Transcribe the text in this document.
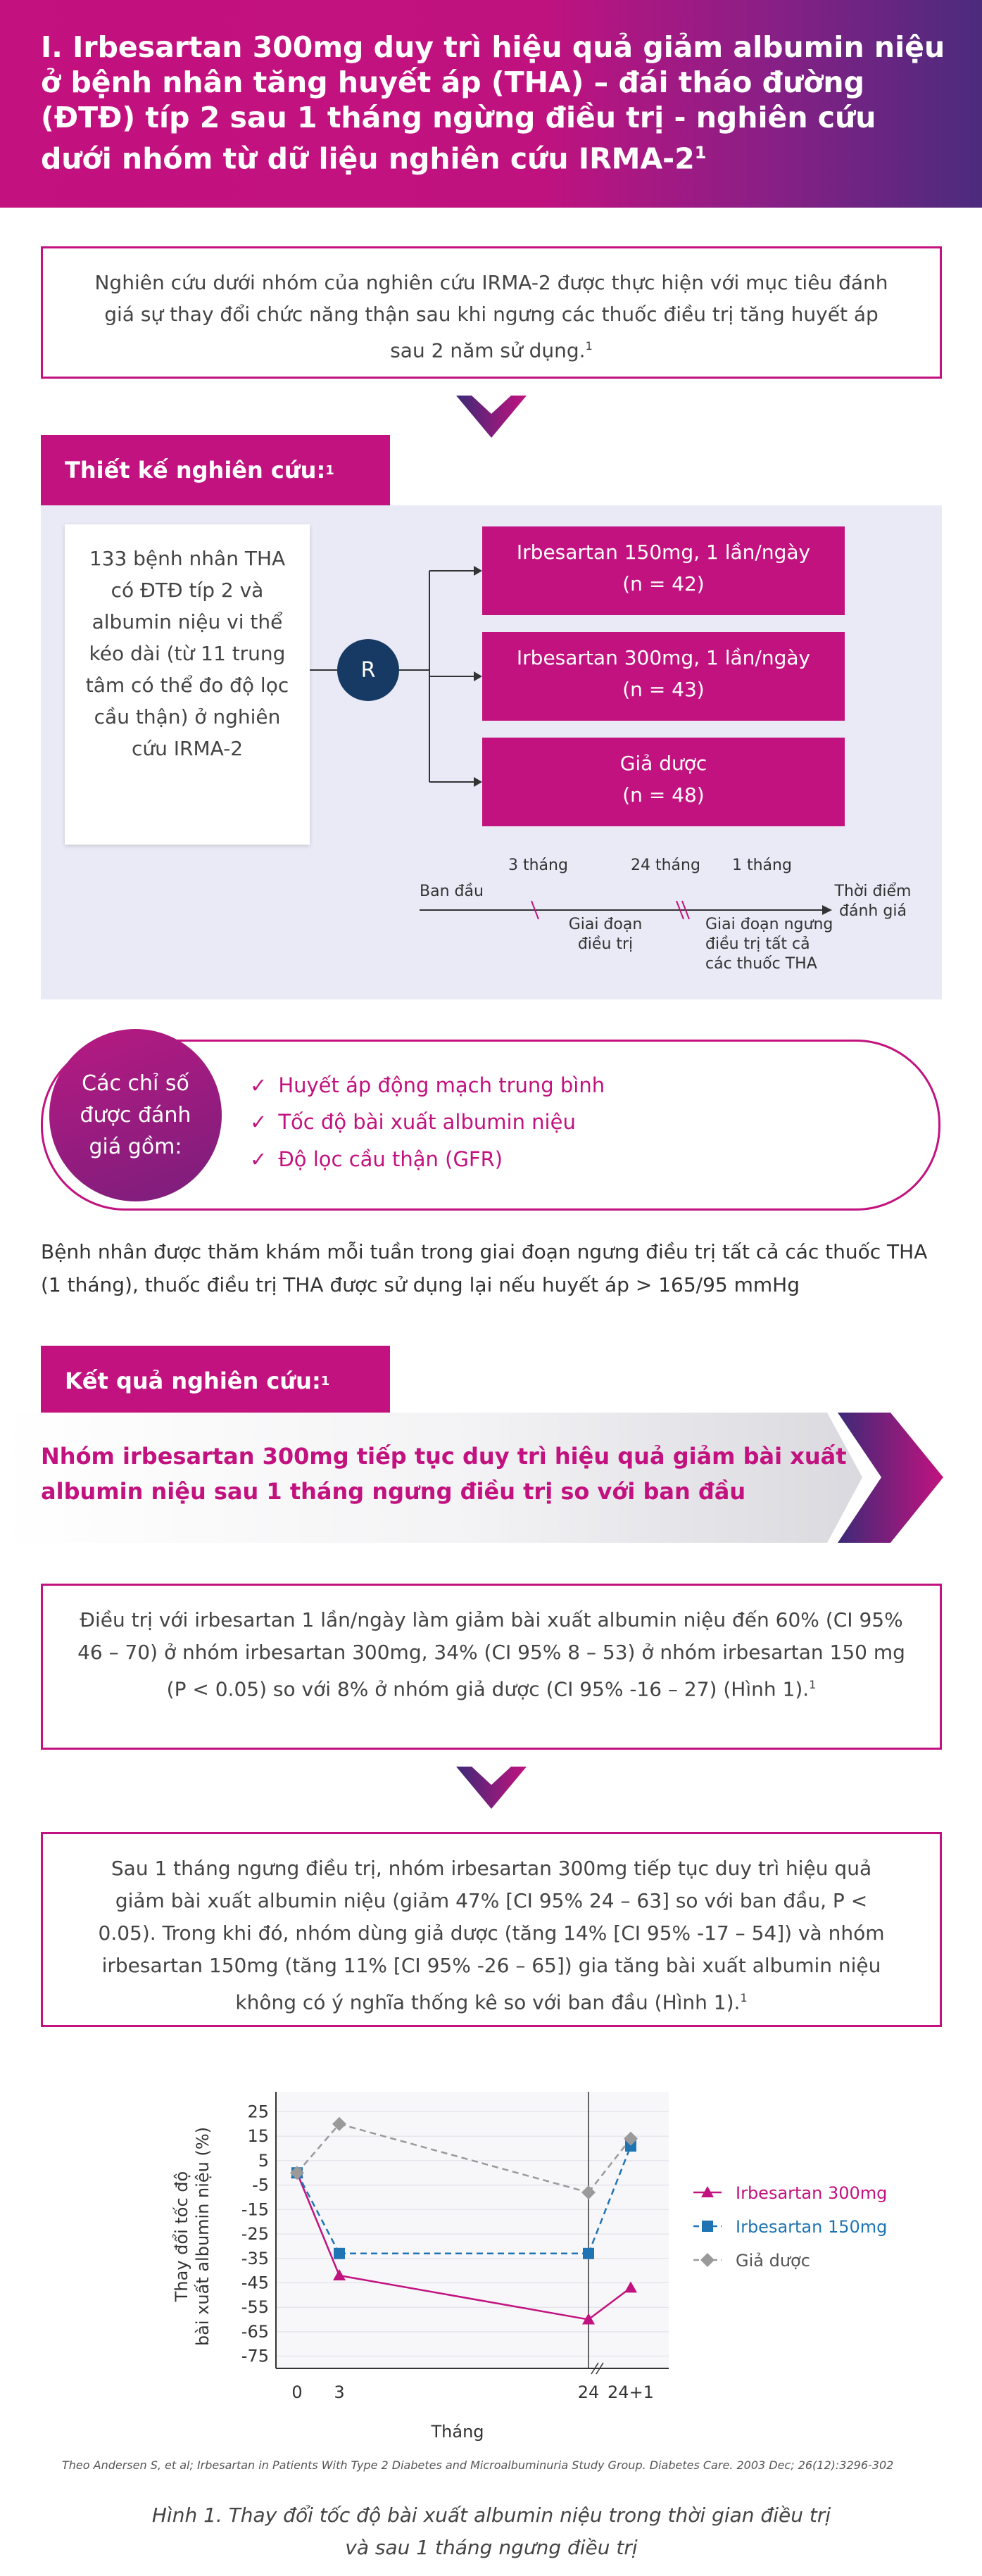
I. Irbesartan 300mg duy trì hiệu quả giảm albumin niệu ở bệnh nhân tăng huyết áp (THA) – đái tháo đường (ĐTĐ) típ 2 sau 1 tháng ngừng điều trị - nghiên cứu dưới nhóm từ dữ liệu nghiên cứu IRMA-$2^1$
Nghiên cứu dưới nhóm của nghiên cứu IRMA-2 được thực hiện với mục tiêu đánh giá sự thay đổi chức năng thận sau khi ngưng các thuốc điều trị tăng huyết áp sau 2 năm sử dụng.$^1$
Thiết kế nghiên cứu: 1
133 bệnh nhân THA có ĐTĐ típ 2 và albumin niệu vi thể kéo dài (từ 11 trung tâm có thể đo độ lọc cầu thận) ở nghiên cứu IRMA-2
R
Irbesartan 150mg, 1 lần/ngày
(n = 42)
Irbesartan 300mg, 1 lần/ngày
(n = 43)
Giả dược
(n = 48)
Ban đầu
3 tháng	24 tháng 1 tháng
Giai đoạn
điều trị
Giai đoạn ngưng
điều trị tất cả
các thuốc THA
Thời điểm
đánh giá
Các chỉ số được đánh giá gồm:
✓ Huyết áp động mạch trung bình
✓ Tốc độ bài xuất albumin niệu
✓ Độ lọc cầu thận (GFR)
Bệnh nhân được thăm khám mỗi tuần trong giai đoạn ngưng điều trị tất cả các thuốc THA (1 tháng), thuốc điều trị THA được sử dụng lại nếu huyết áp > 165/95 mmHg
Kết quả nghiên cứu: 1
Nhóm irbesartan 300mg tiếp tục duy trì hiệu quả giảm bài xuất albumin niệu sau 1 tháng ngưng điều trị so với ban đầu
Điều trị với irbesartan 1 lần/ngày làm giảm bài xuất albumin niệu đến 60% (CI 95% 46 – 70) ở nhóm irbesartan 300mg, 34% (CI 95% 8 – 53) ở nhóm irbesartan 150 mg (P < 0.05) so với 8% ở nhóm giả dược (CI 95% -16 – 27) (Hình 1).$^1$
Sau 1 tháng ngưng điều trị, nhóm irbesartan 300mg tiếp tục duy trì hiệu quả giảm bài xuất albumin niệu (giảm 47% [CI 95% 24 – 63] so với ban đầu, P < 0.05). Trong khi đó, nhóm dùng giả dược (tăng 14% [CI 95% -17 – 54]) và nhóm irbesartan 150mg (tăng 11% [CI 95% -26 – 65]) gia tăng bài xuất albumin niệu không có ý nghĩa thống kê so với ban đầu (Hình 1).$^1$
25
15
5
-5
-15
-25
-35
-45
-55
-65
-75
0 3	24 24+1
Tháng
Thay đổi tốc độ bài xuất albumin niệu (%)	Irbesartan 300mg
Irbesartan 150mg
Giả dược
Theo Andersen S, et al; Irbesartan in Patients With Type 2 Diabetes and Microalbuminuria Study Group. Diabetes Care. 2003 Dec; 26(12):3296-302
Hình 1. Thay đổi tốc độ bài xuất albumin niệu trong thời gian điều trị
và sau 1 tháng ngưng điều trị
